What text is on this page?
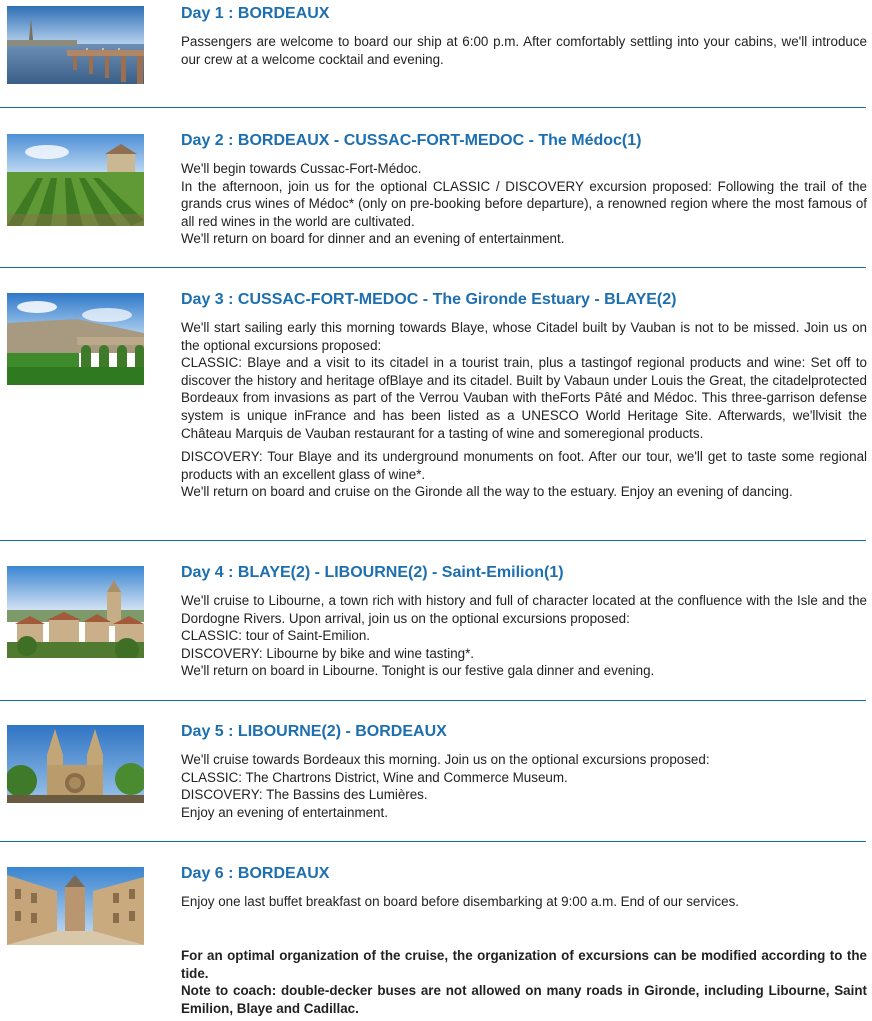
Day 1 : BORDEAUX
Passengers are welcome to board our ship at 6:00 p.m. After comfortably settling into your cabins, we'll introduce our crew at a welcome cocktail and evening.
Day 2 : BORDEAUX - CUSSAC-FORT-MEDOC - The Médoc(1)
We'll begin towards Cussac-Fort-Médoc.
In the afternoon, join us for the optional CLASSIC / DISCOVERY excursion proposed: Following the trail of the grands crus wines of Médoc* (only on pre-booking before departure), a renowned region where the most famous of all red wines in the world are cultivated.
We'll return on board for dinner and an evening of entertainment.
Day 3 : CUSSAC-FORT-MEDOC - The Gironde Estuary - BLAYE(2)
We'll start sailing early this morning towards Blaye, whose Citadel built by Vauban is not to be missed. Join us on the optional excursions proposed:
CLASSIC: Blaye and a visit to its citadel in a tourist train, plus a tastingof regional products and wine: Set off to discover the history and heritage ofBlaye and its citadel. Built by Vabaun under Louis the Great, the citadelprotected Bordeaux from invasions as part of the Verrou Vauban with theForts Pâté and Médoc. This three-garrison defense system is unique inFrance and has been listed as a UNESCO World Heritage Site. Afterwards, we'llvisit the Château Marquis de Vauban restaurant for a tasting of wine and someregional products.
DISCOVERY: Tour Blaye and its underground monuments on foot. After our tour, we'll get to taste some regional products with an excellent glass of wine*.
We'll return on board and cruise on the Gironde all the way to the estuary. Enjoy an evening of dancing.
Day 4 : BLAYE(2) - LIBOURNE(2) - Saint-Emilion(1)
We'll cruise to Libourne, a town rich with history and full of character located at the confluence with the Isle and the Dordogne Rivers. Upon arrival, join us on the optional excursions proposed:
CLASSIC: tour of Saint-Emilion.
DISCOVERY: Libourne by bike and wine tasting*.
We'll return on board in Libourne. Tonight is our festive gala dinner and evening.
Day 5 : LIBOURNE(2) - BORDEAUX
We'll cruise towards Bordeaux this morning. Join us on the optional excursions proposed:
CLASSIC: The Chartrons District, Wine and Commerce Museum.
DISCOVERY: The Bassins des Lumières.
Enjoy an evening of entertainment.
Day 6 : BORDEAUX
Enjoy one last buffet breakfast on board before disembarking at 9:00 a.m. End of our services.
For an optimal organization of the cruise, the organization of excursions can be modified according to the tide.
Note to coach: double-decker buses are not allowed on many roads in Gironde, including Libourne, Saint Emilion, Blaye and Cadillac.
